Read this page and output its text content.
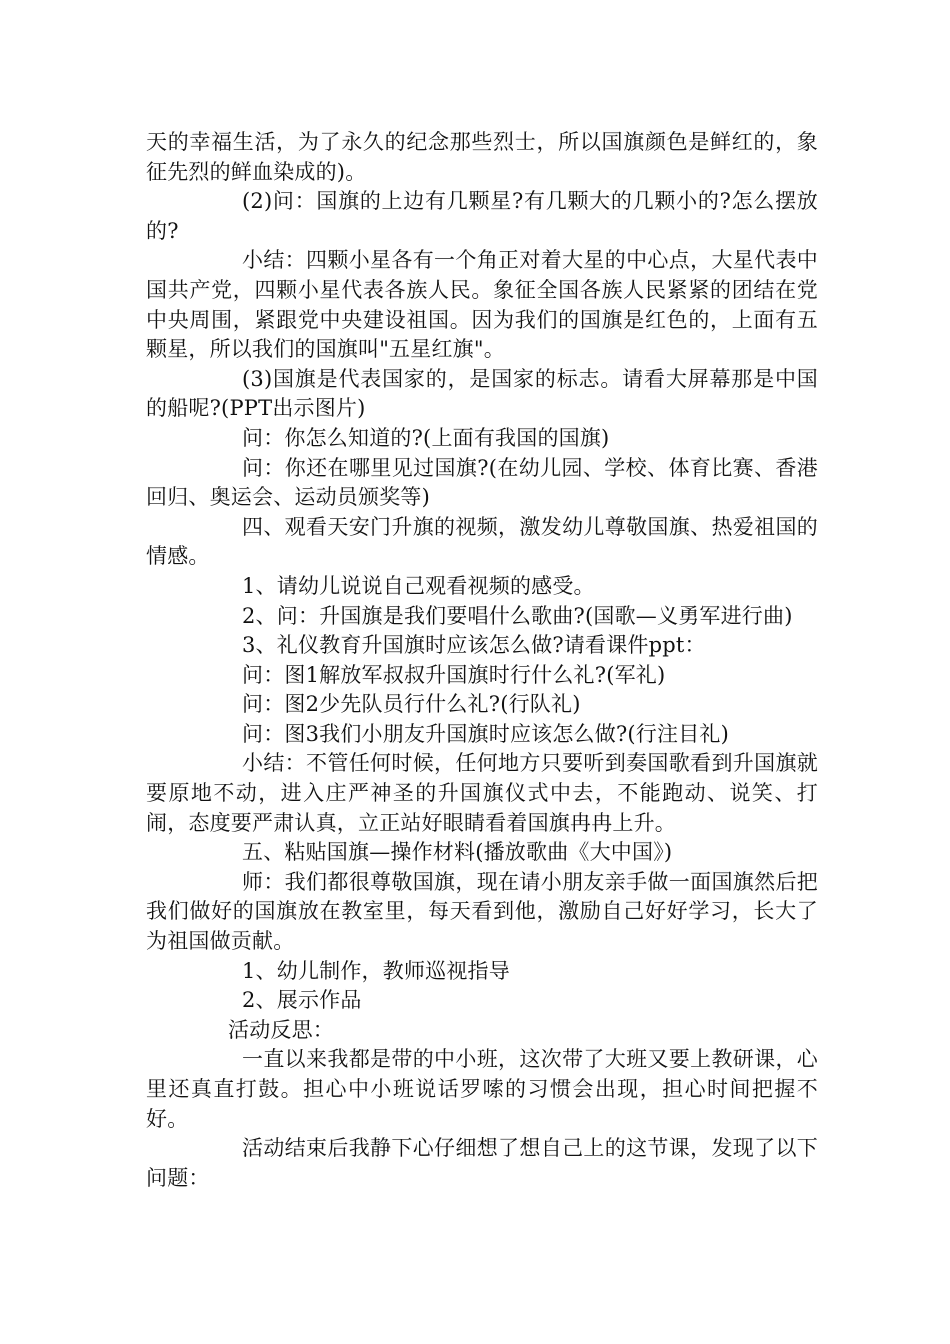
天的幸福生活，为了永久的纪念那些烈士，所以国旗颜色是鲜红的，象征先烈的鲜血染成的)。

(2)问：国旗的上边有几颗星?有几颗大的几颗小的?怎么摆放的?

小结：四颗小星各有一个角正对着大星的中心点，大星代表中国共产党，四颗小星代表各族人民。象征全国各族人民紧紧的团结在党中央周围，紧跟党中央建设祖国。因为我们的国旗是红色的，上面有五颗星，所以我们的国旗叫"五星红旗"。

(3)国旗是代表国家的，是国家的标志。请看大屏幕那是中国的船呢?(PPT出示图片)

问：你怎么知道的?(上面有我国的国旗)

问：你还在哪里见过国旗?(在幼儿园、学校、体育比赛、香港回归、奥运会、运动员颁奖等)

四、观看天安门升旗的视频，激发幼儿尊敬国旗、热爱祖国的情感。

1、请幼儿说说自己观看视频的感受。

2、问：升国旗是我们要唱什么歌曲?(国歌—义勇军进行曲)

3、礼仪教育升国旗时应该怎么做?请看课件ppt：

问：图1解放军叔叔升国旗时行什么礼?(军礼)

问：图2少先队员行什么礼?(行队礼)

问：图3我们小朋友升国旗时应该怎么做?(行注目礼)

小结：不管任何时候，任何地方只要听到奏国歌看到升国旗就要原地不动，进入庄严神圣的升国旗仪式中去，不能跑动、说笑、打闹，态度要严肃认真，立正站好眼睛看着国旗冉冉上升。

五、粘贴国旗—操作材料(播放歌曲《大中国》)

师：我们都很尊敬国旗，现在请小朋友亲手做一面国旗然后把我们做好的国旗放在教室里，每天看到他，激励自己好好学习，长大了为祖国做贡献。

1、幼儿制作，教师巡视指导

2、展示作品

活动反思：

一直以来我都是带的中小班，这次带了大班又要上教研课，心里还真直打鼓。担心中小班说话罗嗦的习惯会出现，担心时间把握不好。

活动结束后我静下心仔细想了想自己上的这节课，发现了以下问题：
